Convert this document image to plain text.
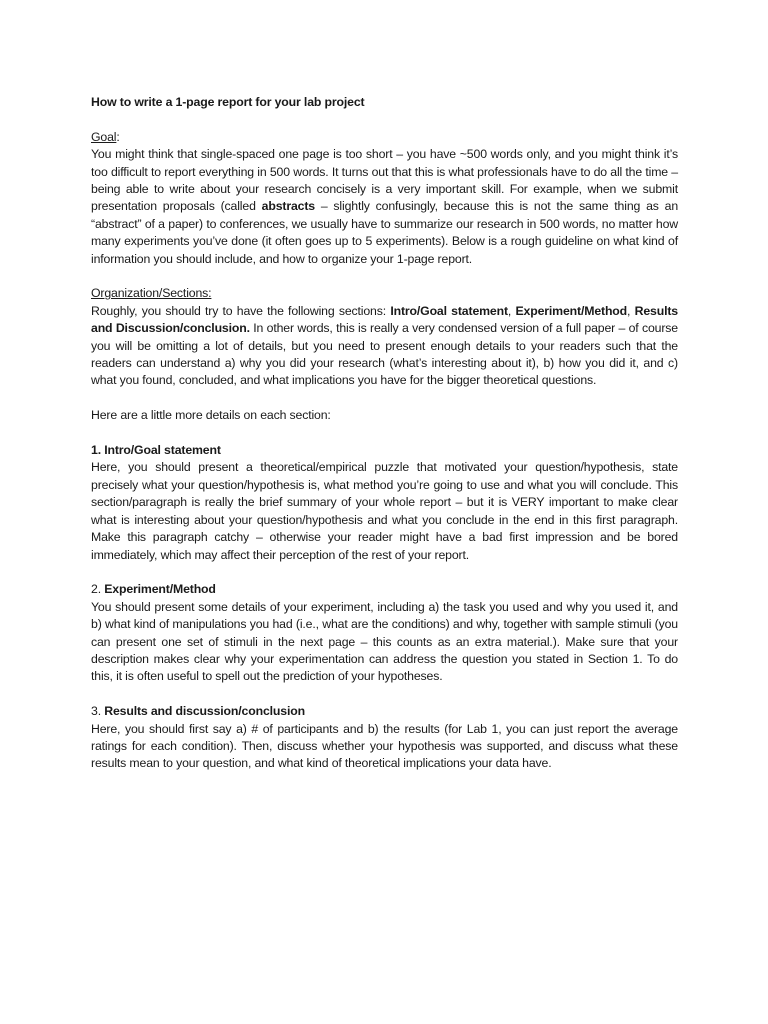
How to write a 1-page report for your lab project

Goal:

You might think that single-spaced one page is too short – you have ~500 words only, and you might think it’s too difficult to report everything in 500 words. It turns out that this is what professionals have to do all the time – being able to write about your research concisely is a very important skill. For example, when we submit presentation proposals (called abstracts – slightly confusingly, because this is not the same thing as an “abstract” of a paper) to conferences, we usually have to summarize our research in 500 words, no matter how many experiments you’ve done (it often goes up to 5 experiments). Below is a rough guideline on what kind of information you should include, and how to organize your 1-page report.

Organization/Sections:

Roughly, you should try to have the following sections: Intro/Goal statement, Experiment/Method, Results and Discussion/conclusion. In other words, this is really a very condensed version of a full paper – of course you will be omitting a lot of details, but you need to present enough details to your readers such that the readers can understand a) why you did your research (what’s interesting about it), b) how you did it, and c) what you found, concluded, and what implications you have for the bigger theoretical questions.

Here are a little more details on each section:

1. Intro/Goal statement

Here, you should present a theoretical/empirical puzzle that motivated your question/hypothesis, state precisely what your question/hypothesis is, what method you’re going to use and what you will conclude. This section/paragraph is really the brief summary of your whole report – but it is VERY important to make clear what is interesting about your question/hypothesis and what you conclude in the end in this first paragraph. Make this paragraph catchy – otherwise your reader might have a bad first impression and be bored immediately, which may affect their perception of the rest of your report.

2. Experiment/Method

You should present some details of your experiment, including a) the task you used and why you used it, and b) what kind of manipulations you had (i.e., what are the conditions) and why, together with sample stimuli (you can present one set of stimuli in the next page – this counts as an extra material.). Make sure that your description makes clear why your experimentation can address the question you stated in Section 1. To do this, it is often useful to spell out the prediction of your hypotheses.

3. Results and discussion/conclusion

Here, you should first say a) # of participants and b) the results (for Lab 1, you can just report the average ratings for each condition). Then, discuss whether your hypothesis was supported, and discuss what these results mean to your question, and what kind of theoretical implications your data have.
